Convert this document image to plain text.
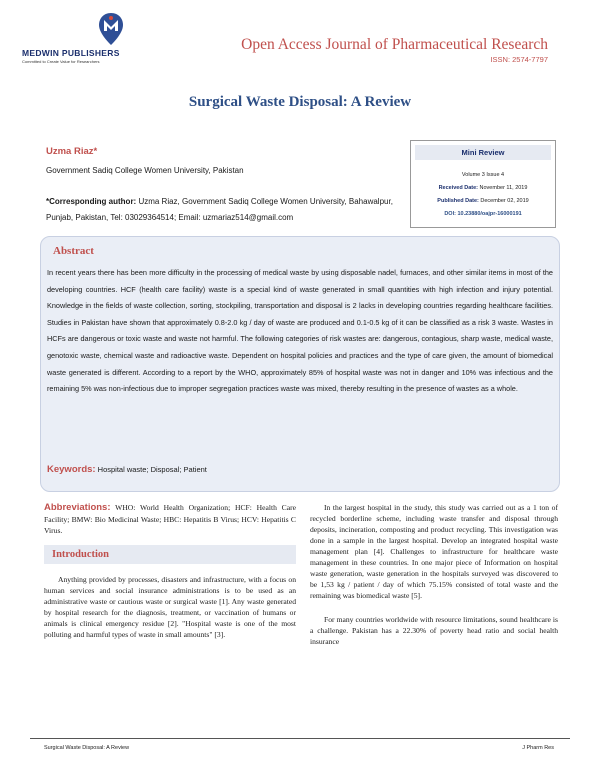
MEDWIN PUBLISHERS
Committed to Create Value for Researchers
Open Access Journal of Pharmaceutical Research
ISSN: 2574-7797
Surgical Waste Disposal: A Review
Uzma Riaz*
Government Sadiq College Women University, Pakistan
*Corresponding author: Uzma Riaz, Government Sadiq College Women University, Bahawalpur, Punjab, Pakistan, Tel: 03029364514; Email: uzmariaz514@gmail.com
Mini Review
Volume 3 Issue 4
Received Date: November 11, 2019
Published Date: December 02, 2019
DOI: 10.23880/oajpr-16000191
Abstract
In recent years there has been more difficulty in the processing of medical waste by using disposable nadel, furnaces, and other similar items in most of the developing countries. HCF (health care facility) waste is a special kind of waste generated in small quantities with high infection and injury potential. Knowledge in the fields of waste collection, sorting, stockpiling, transportation and disposal is 2 lacks in developing countries regarding healthcare facilities. Studies in Pakistan have shown that approximately 0.8-2.0 kg / day of waste are produced and 0.1-0.5 kg of it can be classified as a risk 3 waste. Wastes in HCFs are dangerous or toxic waste and waste not harmful. The following categories of risk wastes are: dangerous, contagious, sharp waste, medical waste, genotoxic waste, chemical waste and radioactive waste. Dependent on hospital policies and practices and the type of care given, the amount of biomedical waste generated is different. According to a report by the WHO, approximately 85% of hospital waste was not in danger and 10% was infectious and the remaining 5% was non-infectious due to improper segregation practices waste was mixed, thereby resulting in the presence of wastes as a whole.
Keywords: Hospital waste; Disposal; Patient
Abbreviations: WHO: World Health Organization; HCF: Health Care Facility; BMW: Bio Medicinal Waste; HBC: Hepatitis B Virus; HCV: Hepatitis C Virus.
Introduction

Anything provided by processes, disasters and infrastructure, with a focus on human services and social insurance administrations is to be used as an administrative waste or cautious waste or surgical waste [1]. Any waste generated by hospital research for the diagnosis, treatment, or vaccination of humans or animals is clinical emergency residue [2]. "Hospital waste is one of the most polluting and harmful types of waste in small amounts" [3].

In the largest hospital in the study, this study was carried out as a 1 ton of recycled borderline scheme, including waste transfer and disposal through deposits, incineration, composting and product recycling. This investigation was done in a sample in the largest hospital. Develop an integrated hospital waste management plan [4]. Challenges to infrastructure for healthcare waste management in these countries. In one major piece of Information on hospital waste generation, waste generation in the hospitals surveyed was discovered to be 1,53 kg / patient / day of which 75.15% consisted of total waste and the remaining was biomedical waste [5].

For many countries worldwide with resource limitations, sound healthcare is a challenge. Pakistan has a 22.30% of poverty head ratio and social health insurance

Surgical Waste Disposal: A Review	J Pharm Res
